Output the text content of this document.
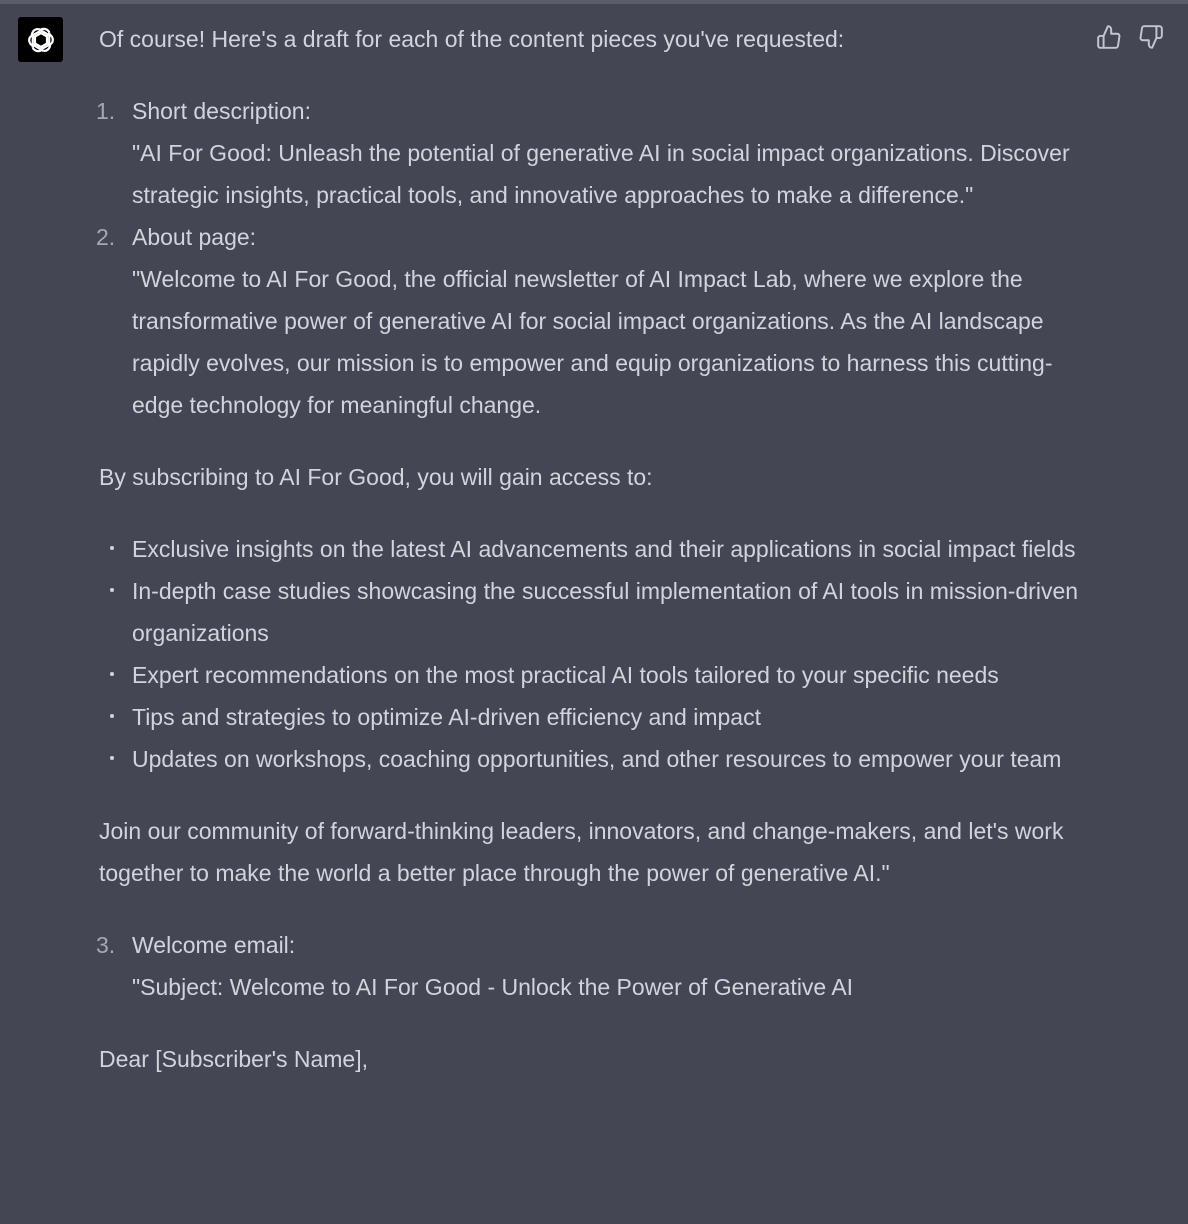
Of course! Here's a draft for each of the content pieces you've requested:

1. Short description:

"AI For Good: Unleash the potential of generative AI in social impact organizations. Discover strategic insights, practical tools, and innovative approaches to make a difference."

2. About page:

"Welcome to AI For Good, the official newsletter of AI Impact Lab, where we explore the transformative power of generative AI for social impact organizations. As the AI landscape rapidly evolves, our mission is to empower and equip organizations to harness this cutting-edge technology for meaningful change.

By subscribing to AI For Good, you will gain access to:

Exclusive insights on the latest AI advancements and their applications in social impact fields

In-depth case studies showcasing the successful implementation of AI tools in mission-driven organizations

Expert recommendations on the most practical AI tools tailored to your specific needs

Tips and strategies to optimize AI-driven efficiency and impact

Updates on workshops, coaching opportunities, and other resources to empower your team

Join our community of forward-thinking leaders, innovators, and change-makers, and let's work together to make the world a better place through the power of generative AI."

3. Welcome email:

"Subject: Welcome to AI For Good - Unlock the Power of Generative AI

Dear [Subscriber's Name],
